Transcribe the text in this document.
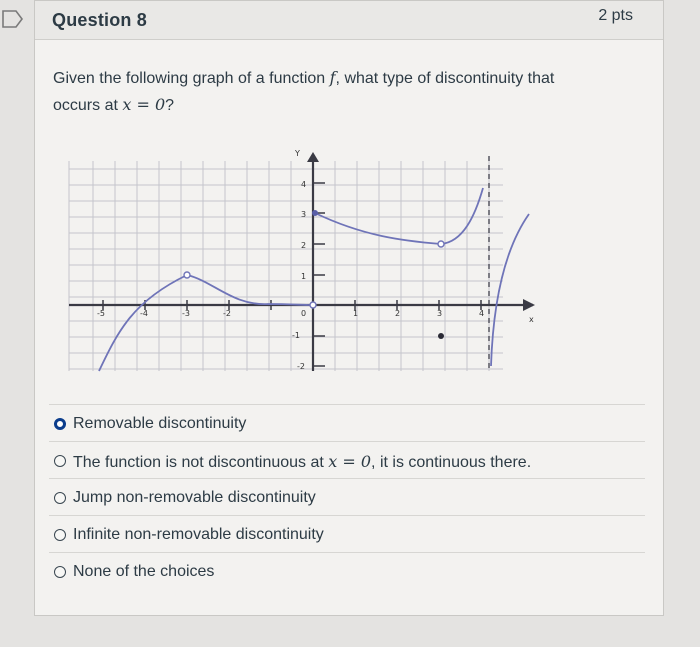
Question 8	2 pts
Given the following graph of a function f, what type of discontinuity that
occurs at x = 0?
-5	-4	-3	-2
-1
0	1	2	3	4
4
3
2
1
-2
Y
x
Removable discontinuity
The function is not discontinuous at x = 0, it is continuous there.
Jump non-removable discontinuity
Infinite non-removable discontinuity
None of the choices
